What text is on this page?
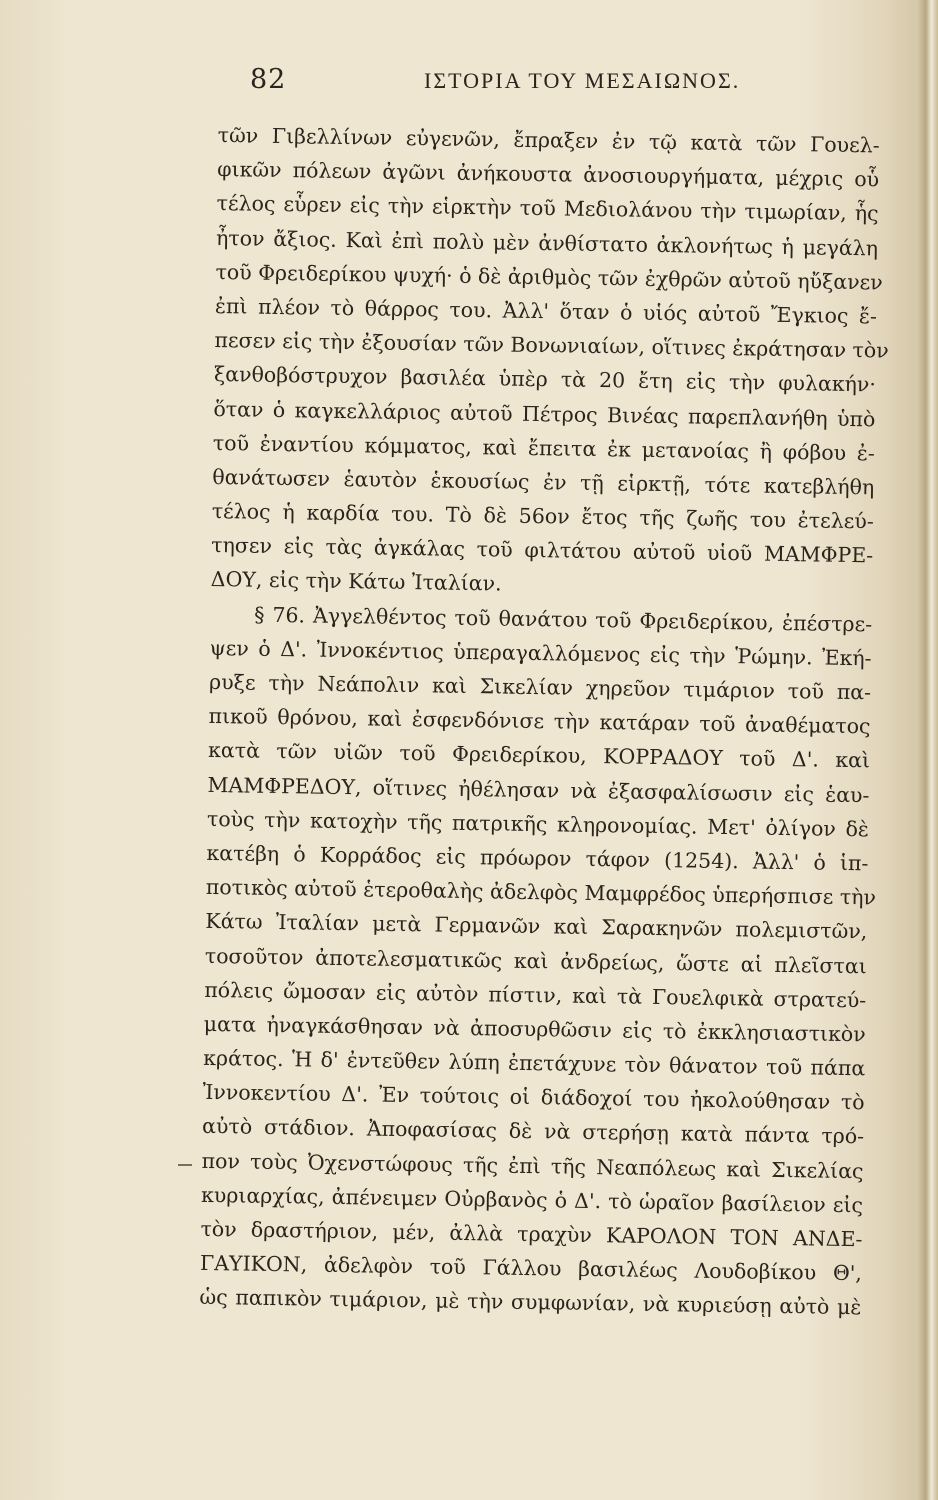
82	ΙΣΤΟΡΙΑ ΤΟΥ ΜΕΣΑΙΩΝΟΣ.
τῶν Γιβελλίνων εὐγενῶν, ἔπραξεν ἐν τῷ κατὰ τῶν Γουελ-
φικῶν πόλεων ἀγῶνι ἀνήκουστα ἀνοσιουργήματα, μέχρις οὗ
τέλος εὗρεν εἰς τὴν εἱρκτὴν τοῦ Μεδιολάνου τὴν τιμωρίαν, ἧς
ἦτον ἄξιος. Καὶ ἐπὶ πολὺ μὲν ἀνθίστατο ἀκλονήτως ἡ μεγάλη
τοῦ Φρειδερίκου ψυχή· ὁ δὲ ἀριθμὸς τῶν ἐχθρῶν αὐτοῦ ηὔξανεν
ἐπὶ πλέον τὸ θάρρος του. Ἀλλ' ὅταν ὁ υἱός αὐτοῦ Ἔγκιος ἔ-
πεσεν εἰς τὴν ἐξουσίαν τῶν Βονωνιαίων, οἵτινες ἐκράτησαν τὸν
ξανθοβόστρυχον βασιλέα ὑπὲρ τὰ 20 ἔτη εἰς τὴν φυλακήν·
ὅταν ὁ καγκελλάριος αὐτοῦ Πέτρος Βινέας παρεπλανήθη ὑπὸ
τοῦ ἐναντίου κόμματος, καὶ ἔπειτα ἐκ μετανοίας ἢ φόβου ἐ-
θανάτωσεν ἑαυτὸν ἑκουσίως ἐν τῇ εἱρκτῇ, τότε κατεβλήθη
τέλος ἡ καρδία του. Τὸ δὲ 56ον ἔτος τῆς ζωῆς του ἐτελεύ-
τησεν εἰς τὰς ἀγκάλας τοῦ φιλτάτου αὐτοῦ υἱοῦ ΜΑΜΦΡΕ-
ΔΟΥ, εἰς τὴν Κάτω Ἰταλίαν.
§ 76. Ἀγγελθέντος τοῦ θανάτου τοῦ Φρειδερίκου, ἐπέστρε-
ψεν ὁ Δ'. Ἰννοκέντιος ὑπεραγαλλόμενος εἰς τὴν Ῥώμην. Ἐκή-
ρυξε τὴν Νεάπολιν καὶ Σικελίαν χηρεῦον τιμάριον τοῦ πα-
πικοῦ θρόνου, καὶ ἐσφενδόνισε τὴν κατάραν τοῦ ἀναθέματος
κατὰ τῶν υἱῶν τοῦ Φρειδερίκου, ΚΟΡΡΑΔΟΥ τοῦ Δ'. καὶ
ΜΑΜΦΡΕΔΟΥ, οἵτινες ἠθέλησαν νὰ ἐξασφαλίσωσιν εἰς ἑαυ-
τοὺς τὴν κατοχὴν τῆς πατρικῆς κληρονομίας. Μετ' ὀλίγον δὲ
κατέβη ὁ Κορράδος εἰς πρόωρον τάφον (1254). Ἀλλ' ὁ ἱπ-
ποτικὸς αὐτοῦ ἑτεροθαλὴς ἀδελφὸς Μαμφρέδος ὑπερήσπισε τὴν
Κάτω Ἰταλίαν μετὰ Γερμανῶν καὶ Σαρακηνῶν πολεμιστῶν,
τοσοῦτον ἀποτελεσματικῶς καὶ ἀνδρείως, ὥστε αἱ πλεῖσται
πόλεις ὤμοσαν εἰς αὐτὸν πίστιν, καὶ τὰ Γουελφικὰ στρατεύ-
ματα ἠναγκάσθησαν νὰ ἀποσυρθῶσιν εἰς τὸ ἐκκλησιαστικὸν
κράτος. Ἡ δ' ἐντεῦθεν λύπη ἐπετάχυνε τὸν θάνατον τοῦ πάπα
Ἰννοκεντίου Δ'. Ἐν τούτοις οἱ διάδοχοί του ἠκολούθησαν τὸ
αὐτὸ στάδιον. Ἀποφασίσας δὲ νὰ στερήσῃ κατὰ πάντα τρό-
πον τοὺς Ὀχενστώφους τῆς ἐπὶ τῆς Νεαπόλεως καὶ Σικελίας
κυριαρχίας, ἀπένειμεν Οὐρβανὸς ὁ Δ'. τὸ ὡραῖον βασίλειον εἰς
τὸν δραστήριον, μέν, ἀλλὰ τραχὺν ΚΑΡΟΛΟΝ ΤΟΝ ΑΝΔΕ-
ΓΑΥΙΚΟΝ, ἀδελφὸν τοῦ Γάλλου βασιλέως Λουδοβίκου Θ',
ὡς παπικὸν τιμάριον, μὲ τὴν συμφωνίαν, νὰ κυριεύσῃ αὐτὸ μὲ
